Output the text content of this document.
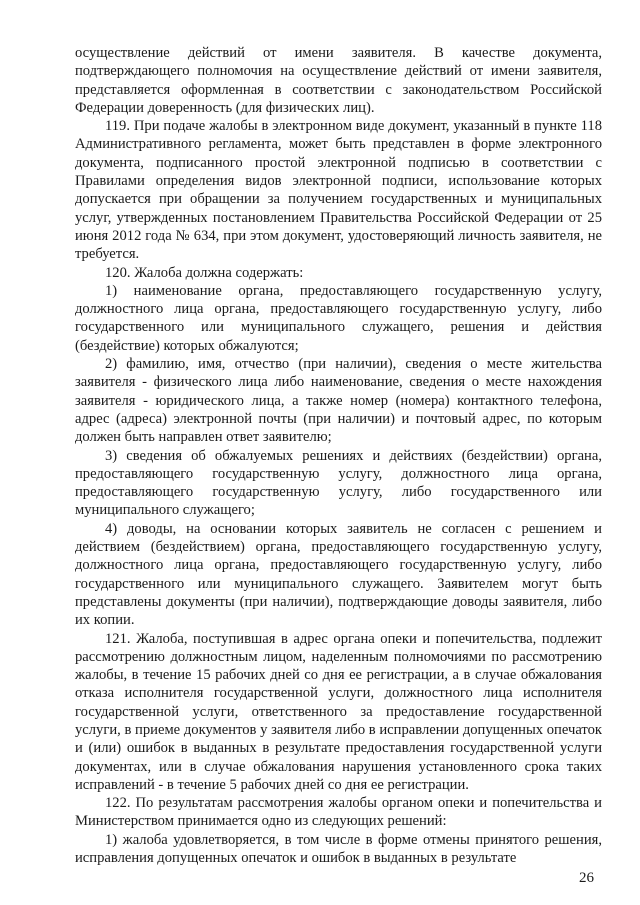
осуществление действий от имени заявителя. В качестве документа, подтверждающего полномочия на осуществление действий от имени заявителя, представляется оформленная в соответствии с законодательством Российской Федерации доверенность (для физических лиц).

119. При подаче жалобы в электронном виде документ, указанный в пункте 118 Административного регламента, может быть представлен в форме электронного документа, подписанного простой электронной подписью в соответствии с Правилами определения видов электронной подписи, использование которых допускается при обращении за получением государственных и муниципальных услуг, утвержденных постановлением Правительства Российской Федерации от 25 июня 2012 года № 634, при этом документ, удостоверяющий личность заявителя, не требуется.

120. Жалоба должна содержать:

1) наименование органа, предоставляющего государственную услугу, должностного лица органа, предоставляющего государственную услугу, либо государственного или муниципального служащего, решения и действия (бездействие) которых обжалуются;

2) фамилию, имя, отчество (при наличии), сведения о месте жительства заявителя - физического лица либо наименование, сведения о месте нахождения заявителя - юридического лица, а также номер (номера) контактного телефона, адрес (адреса) электронной почты (при наличии) и почтовый адрес, по которым должен быть направлен ответ заявителю;

3) сведения об обжалуемых решениях и действиях (бездействии) органа, предоставляющего государственную услугу, должностного лица органа, предоставляющего государственную услугу, либо государственного или муниципального служащего;

4) доводы, на основании которых заявитель не согласен с решением и действием (бездействием) органа, предоставляющего государственную услугу, должностного лица органа, предоставляющего государственную услугу, либо государственного или муниципального служащего. Заявителем могут быть представлены документы (при наличии), подтверждающие доводы заявителя, либо их копии.

121. Жалоба, поступившая в адрес органа опеки и попечительства, подлежит рассмотрению должностным лицом, наделенным полномочиями по рассмотрению жалобы, в течение 15 рабочих дней со дня ее регистрации, а в случае обжалования отказа исполнителя государственной услуги, должностного лица исполнителя государственной услуги, ответственного за предоставление государственной услуги, в приеме документов у заявителя либо в исправлении допущенных опечаток и (или) ошибок в выданных в результате предоставления государственной услуги документах, или в случае обжалования нарушения установленного срока таких исправлений - в течение 5 рабочих дней со дня ее регистрации.

122. По результатам рассмотрения жалобы органом опеки и попечительства и Министерством принимается одно из следующих решений:

1) жалоба удовлетворяется, в том числе в форме отмены принятого решения, исправления допущенных опечаток и ошибок в выданных в результате

26
